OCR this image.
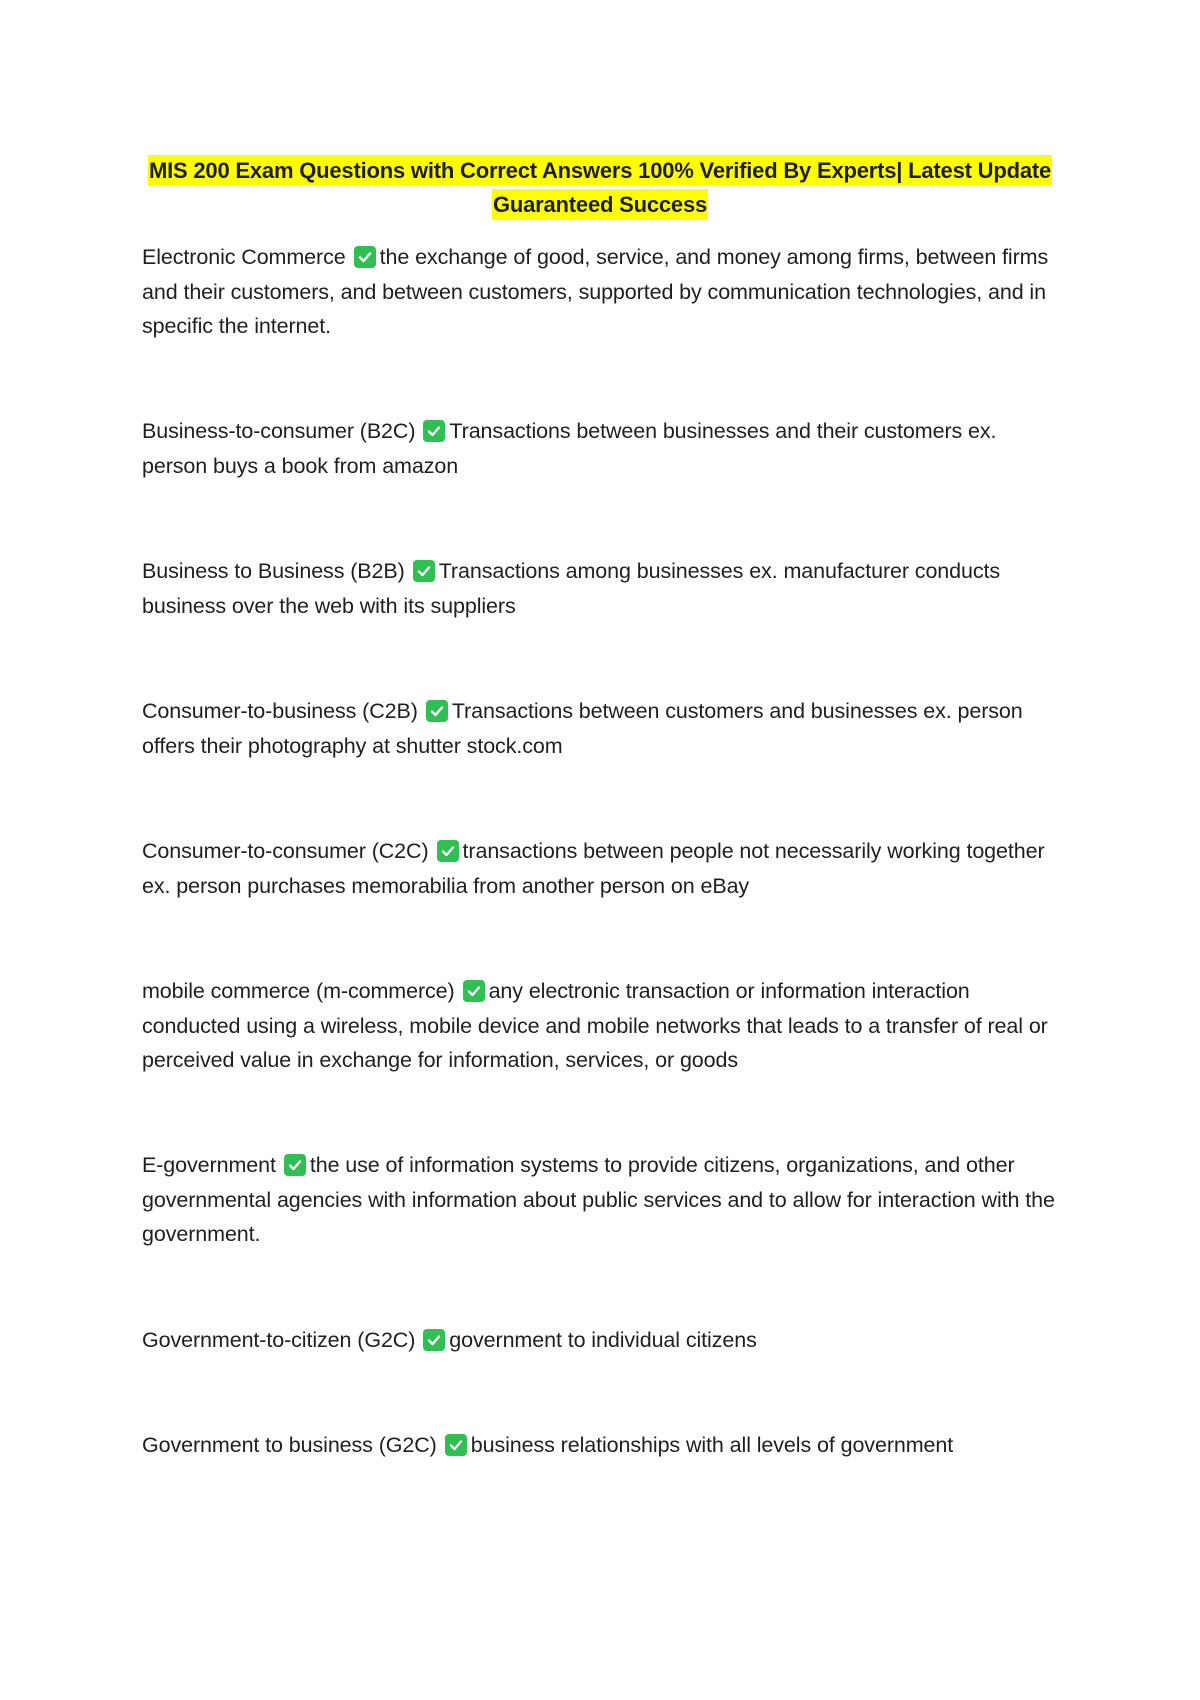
MIS 200 Exam Questions with Correct Answers 100% Verified By Experts| Latest Update Guaranteed Success
Electronic Commerce the exchange of good, service, and money among firms, between firms and their customers, and between customers, supported by communication technologies, and in specific the internet.
Business-to-consumer (B2C) Transactions between businesses and their customers ex. person buys a book from amazon
Business to Business (B2B) Transactions among businesses ex. manufacturer conducts business over the web with its suppliers
Consumer-to-business (C2B) Transactions between customers and businesses ex. person offers their photography at shutter stock.com
Consumer-to-consumer (C2C) transactions between people not necessarily working together ex. person purchases memorabilia from another person on eBay
mobile commerce (m-commerce) any electronic transaction or information interaction conducted using a wireless, mobile device and mobile networks that leads to a transfer of real or perceived value in exchange for information, services, or goods
E-government the use of information systems to provide citizens, organizations, and other governmental agencies with information about public services and to allow for interaction with the government.
Government-to-citizen (G2C) government to individual citizens
Government to business (G2C) business relationships with all levels of government
